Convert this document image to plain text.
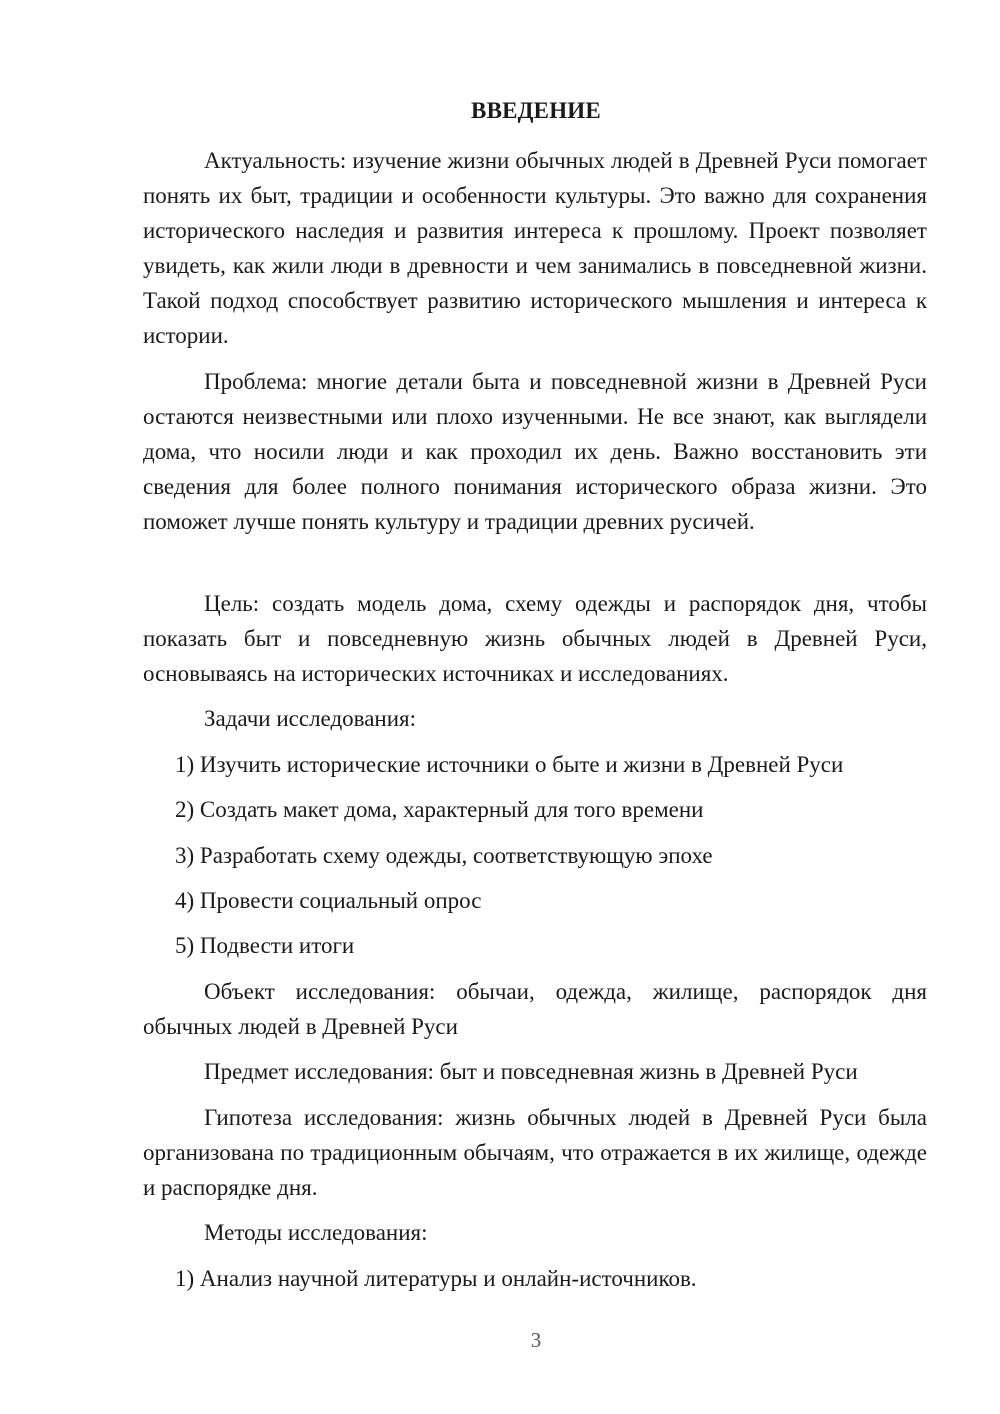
ВВЕДЕНИЕ

Актуальность: изучение жизни обычных людей в Древней Руси помогает понять их быт, традиции и особенности культуры. Это важно для сохранения исторического наследия и развития интереса к прошлому. Проект позволяет увидеть, как жили люди в древности и чем занимались в повседневной жизни. Такой подход способствует развитию исторического мышления и интереса к истории.

Проблема: многие детали быта и повседневной жизни в Древней Руси остаются неизвестными или плохо изученными. Не все знают, как выглядели дома, что носили люди и как проходил их день. Важно восстановить эти сведения для более полного понимания исторического образа жизни. Это поможет лучше понять культуру и традиции древних русичей.

Цель: создать модель дома, схему одежды и распорядок дня, чтобы показать быт и повседневную жизнь обычных людей в Древней Руси, основываясь на исторических источниках и исследованиях.

Задачи исследования:

1) Изучить исторические источники о быте и жизни в Древней Руси

2) Создать макет дома, характерный для того времени

3) Разработать схему одежды, соответствующую эпохе

4) Провести социальный опрос

5) Подвести итоги

Объект исследования: обычаи, одежда, жилище, распорядок дня обычных людей в Древней Руси

Предмет исследования: быт и повседневная жизнь в Древней Руси

Гипотеза исследования: жизнь обычных людей в Древней Руси была организована по традиционным обычаям, что отражается в их жилище, одежде и распорядке дня.

Методы исследования:

1) Анализ научной литературы и онлайн-источников.

3
